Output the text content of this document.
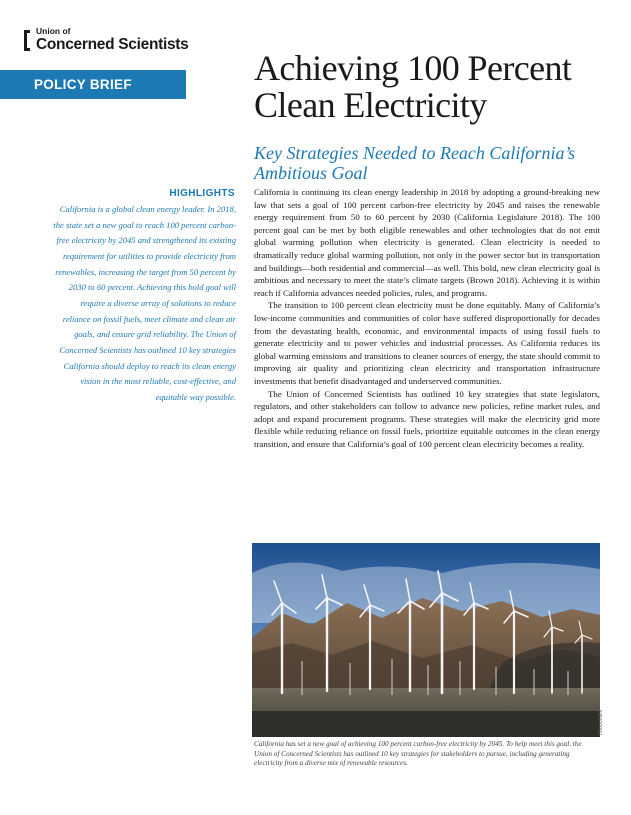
Union of
Concerned Scientists
POLICY BRIEF	Achieving 100 Percent Clean Electricity
Key Strategies Needed to Reach California’s Ambitious Goal
HIGHLIGHTS

California is a global clean energy leader. In 2018, the state set a new goal to reach 100 percent carbon-free electricity by 2045 and strengthened its existing requirement for utilities to provide electricity from renewables, increasing the target from 50 percent by 2030 to 60 percent. Achieving this bold goal will require a diverse array of solutions to reduce reliance on fossil fuels, meet climate and clean air goals, and ensure grid reliability. The Union of Concerned Scientists has outlined 10 key strategies California should deploy to reach its clean energy vision in the most reliable, cost-effective, and equitable way possible.

California is continuing its clean energy leadership in 2018 by adopting a ground-breaking new law that sets a goal of 100 percent carbon-free electricity by 2045 and raises the renewable energy requirement from 50 to 60 percent by 2030 (California Legislature 2018). The 100 percent goal can be met by both eligible renewables and other technologies that do not emit global warming pollution when electricity is generated. Clean electricity is needed to dramatically reduce global warming pollution, not only in the power sector but in transportation and buildings—both residential and commercial—as well. This bold, new clean electricity goal is ambitious and necessary to meet the state’s climate targets (Brown 2018). Achieving it is within reach if California advances needed policies, rules, and programs.

The transition to 100 percent clean electricity must be done equitably. Many of California’s low-income communities and communities of color have suffered disproportionally for decades from the devastating health, economic, and environmental impacts of using fossil fuels to generate electricity and to power vehicles and industrial processes. As California reduces its global warming emissions and transitions to cleaner sources of energy, the state should commit to improving air quality and prioritizing clean electricity and transportation infrastructure investments that benefit disadvantaged and underserved communities.

The Union of Concerned Scientists has outlined 10 key strategies that state legislators, regulators, and other stakeholders can follow to advance new policies, refine market rules, and adopt and expand procurement programs. These strategies will make the electricity grid more flexible while reducing reliance on fossil fuels, prioritize equitable outcomes in the clean energy transition, and ensure that California’s goal of 100 percent clean electricity becomes a reality.

iStock/kali9

California has set a new goal of achieving 100 percent carbon-free electricity by 2045. To help meet this goal, the Union of Concerned Scientists has outlined 10 key strategies for stakeholders to pursue, including generating electricity from a diverse mix of renewable resources.
